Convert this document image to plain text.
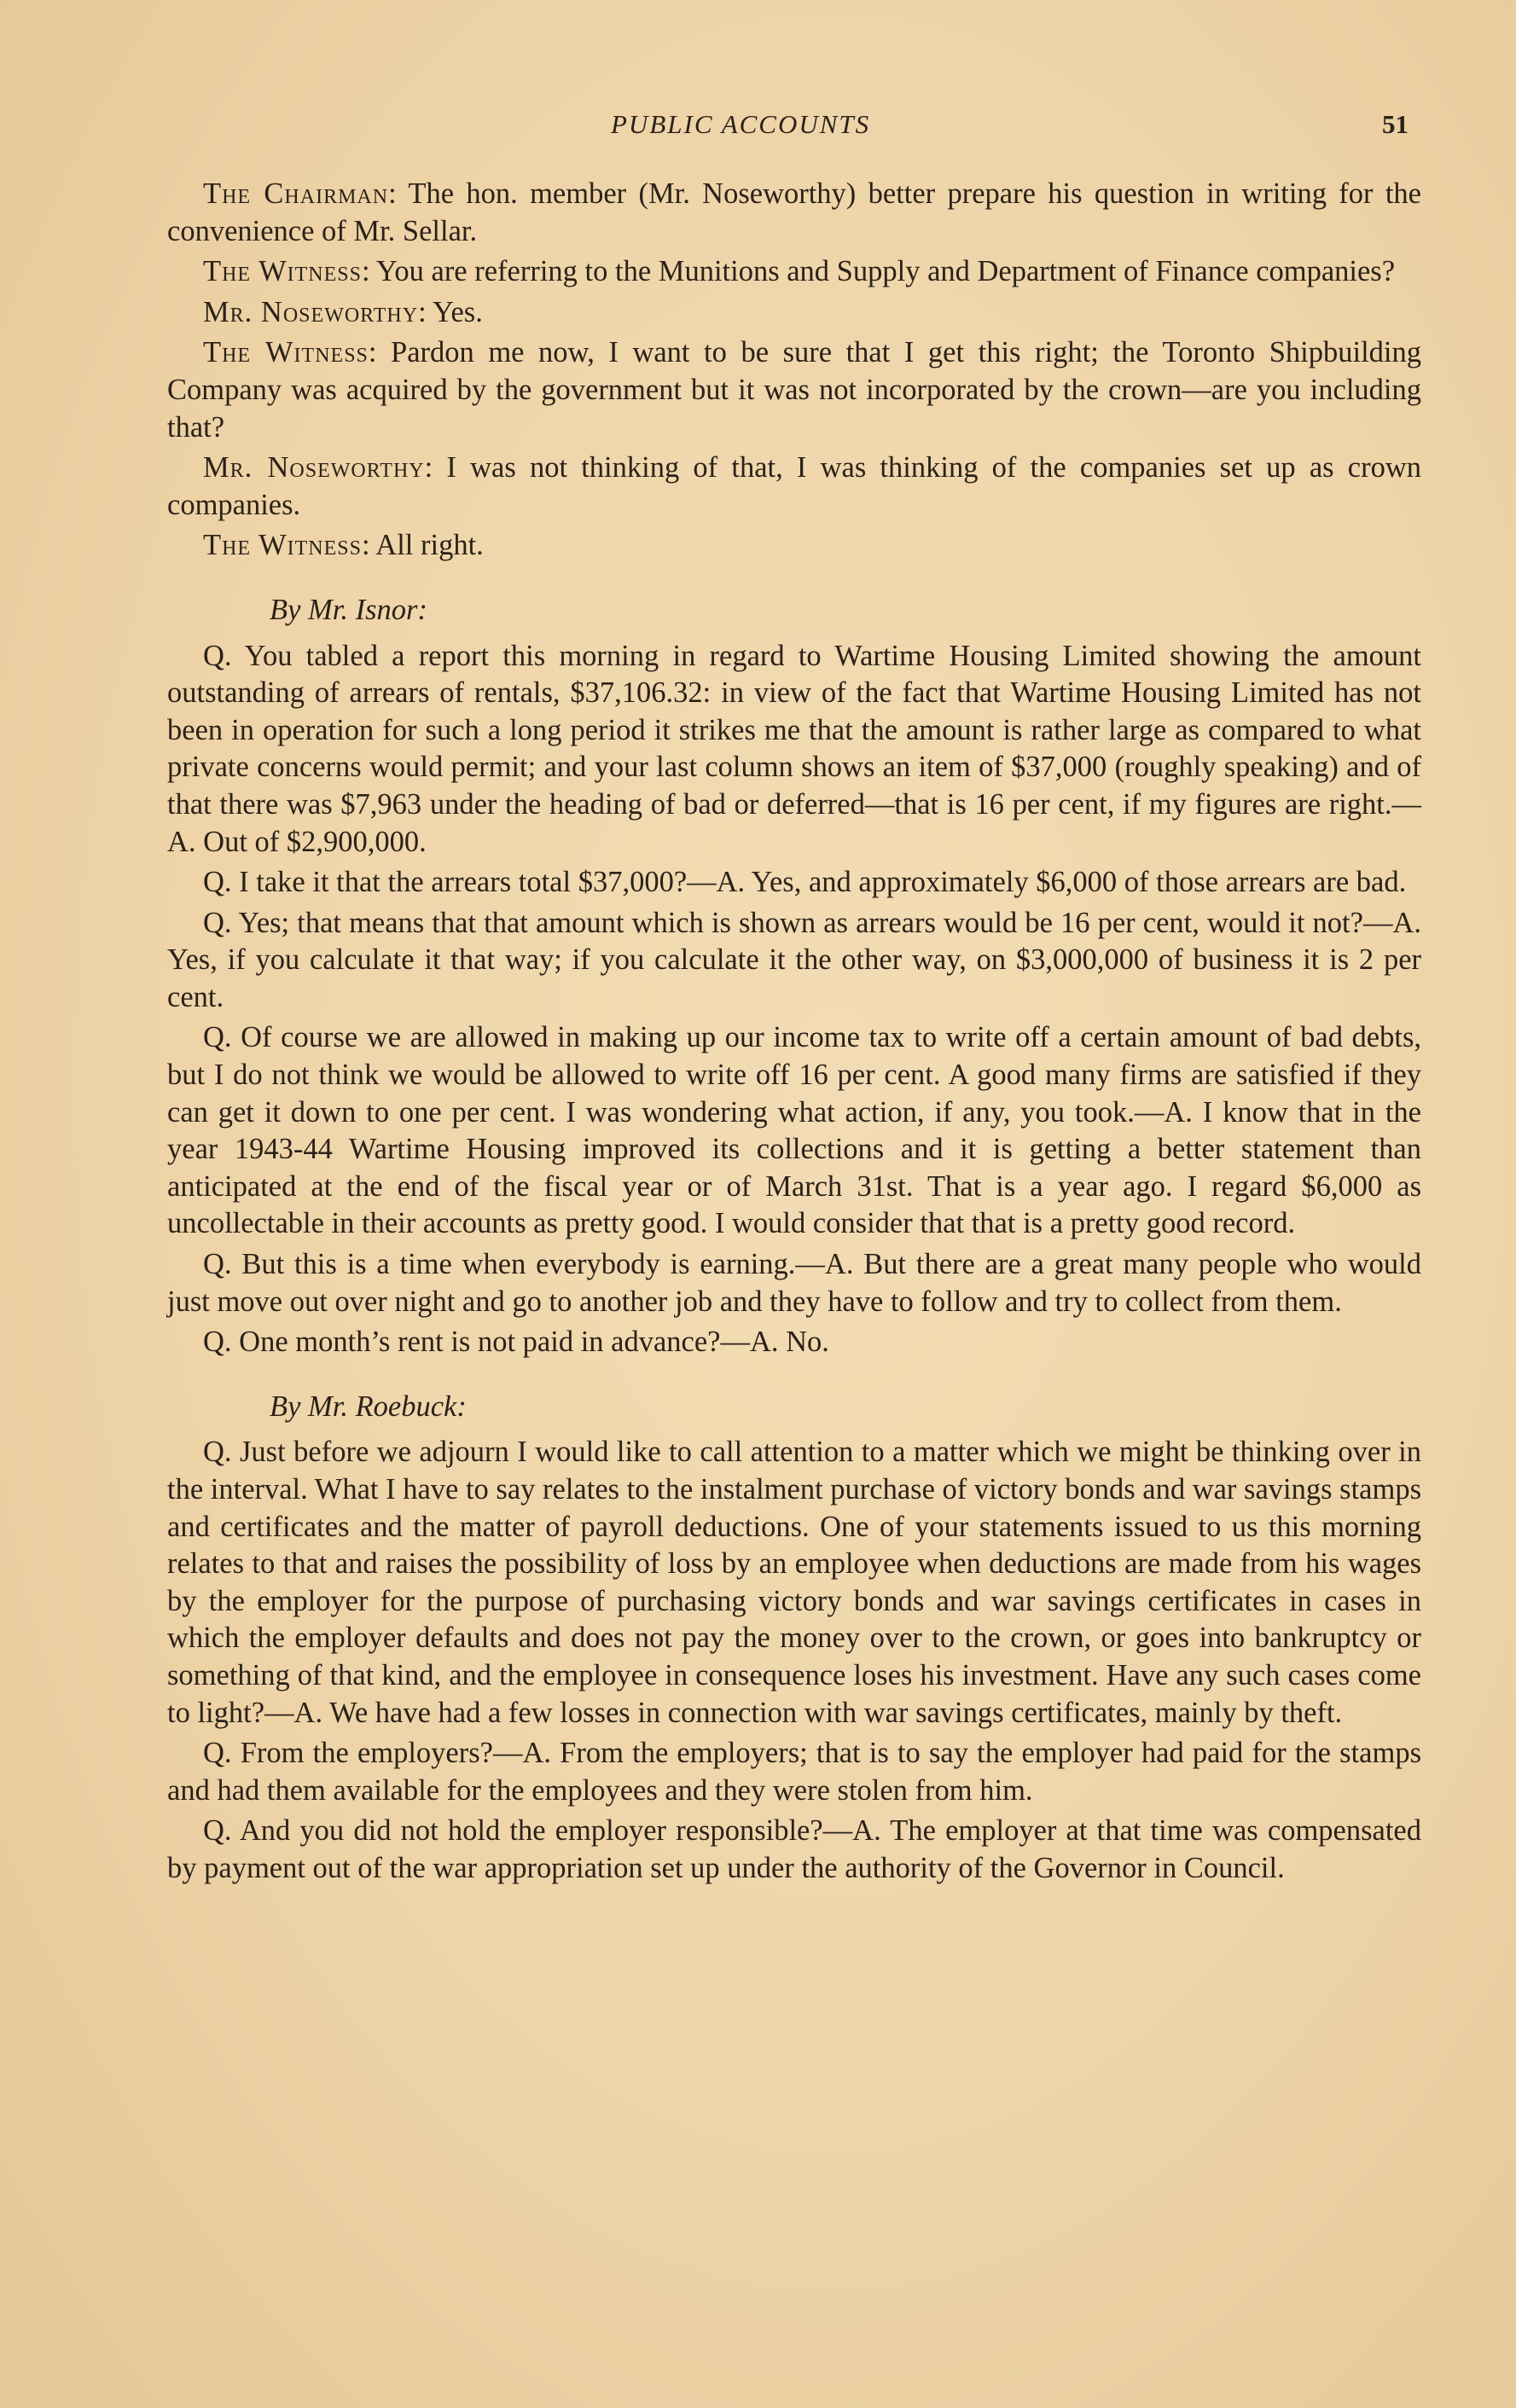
PUBLIC ACCOUNTS	51

The Chairman: The hon. member (Mr. Noseworthy) better prepare his question in writing for the convenience of Mr. Sellar.

The Witness: You are referring to the Munitions and Supply and Department of Finance companies?

Mr. Noseworthy: Yes.

The Witness: Pardon me now, I want to be sure that I get this right; the Toronto Shipbuilding Company was acquired by the government but it was not incorporated by the crown—are you including that?

Mr. Noseworthy: I was not thinking of that, I was thinking of the companies set up as crown companies.

The Witness: All right.

By Mr. Isnor:

Q. You tabled a report this morning in regard to Wartime Housing Limited showing the amount outstanding of arrears of rentals, $37,106.32: in view of the fact that Wartime Housing Limited has not been in operation for such a long period it strikes me that the amount is rather large as compared to what private concerns would permit; and your last column shows an item of $37,000 (roughly speaking) and of that there was $7,963 under the heading of bad or deferred—that is 16 per cent, if my figures are right.—A. Out of $2,900,000.

Q. I take it that the arrears total $37,000?—A. Yes, and approximately $6,000 of those arrears are bad.

Q. Yes; that means that that amount which is shown as arrears would be 16 per cent, would it not?—A. Yes, if you calculate it that way; if you calculate it the other way, on $3,000,000 of business it is 2 per cent.

Q. Of course we are allowed in making up our income tax to write off a certain amount of bad debts, but I do not think we would be allowed to write off 16 per cent. A good many firms are satisfied if they can get it down to one per cent. I was wondering what action, if any, you took.—A. I know that in the year 1943-44 Wartime Housing improved its collections and it is getting a better statement than anticipated at the end of the fiscal year or of March 31st. That is a year ago. I regard $6,000 as uncollectable in their accounts as pretty good. I would consider that that is a pretty good record.

Q. But this is a time when everybody is earning.—A. But there are a great many people who would just move out over night and go to another job and they have to follow and try to collect from them.

Q. One month’s rent is not paid in advance?—A. No.

By Mr. Roebuck:

Q. Just before we adjourn I would like to call attention to a matter which we might be thinking over in the interval. What I have to say relates to the instalment purchase of victory bonds and war savings stamps and certificates and the matter of payroll deductions. One of your statements issued to us this morning relates to that and raises the possibility of loss by an employee when deductions are made from his wages by the employer for the purpose of purchasing victory bonds and war savings certificates in cases in which the employer defaults and does not pay the money over to the crown, or goes into bankruptcy or something of that kind, and the employee in consequence loses his investment. Have any such cases come to light?—A. We have had a few losses in connection with war savings certificates, mainly by theft.

Q. From the employers?—A. From the employers; that is to say the employer had paid for the stamps and had them available for the employees and they were stolen from him.

Q. And you did not hold the employer responsible?—A. The employer at that time was compensated by payment out of the war appropriation set up under the authority of the Governor in Council.
